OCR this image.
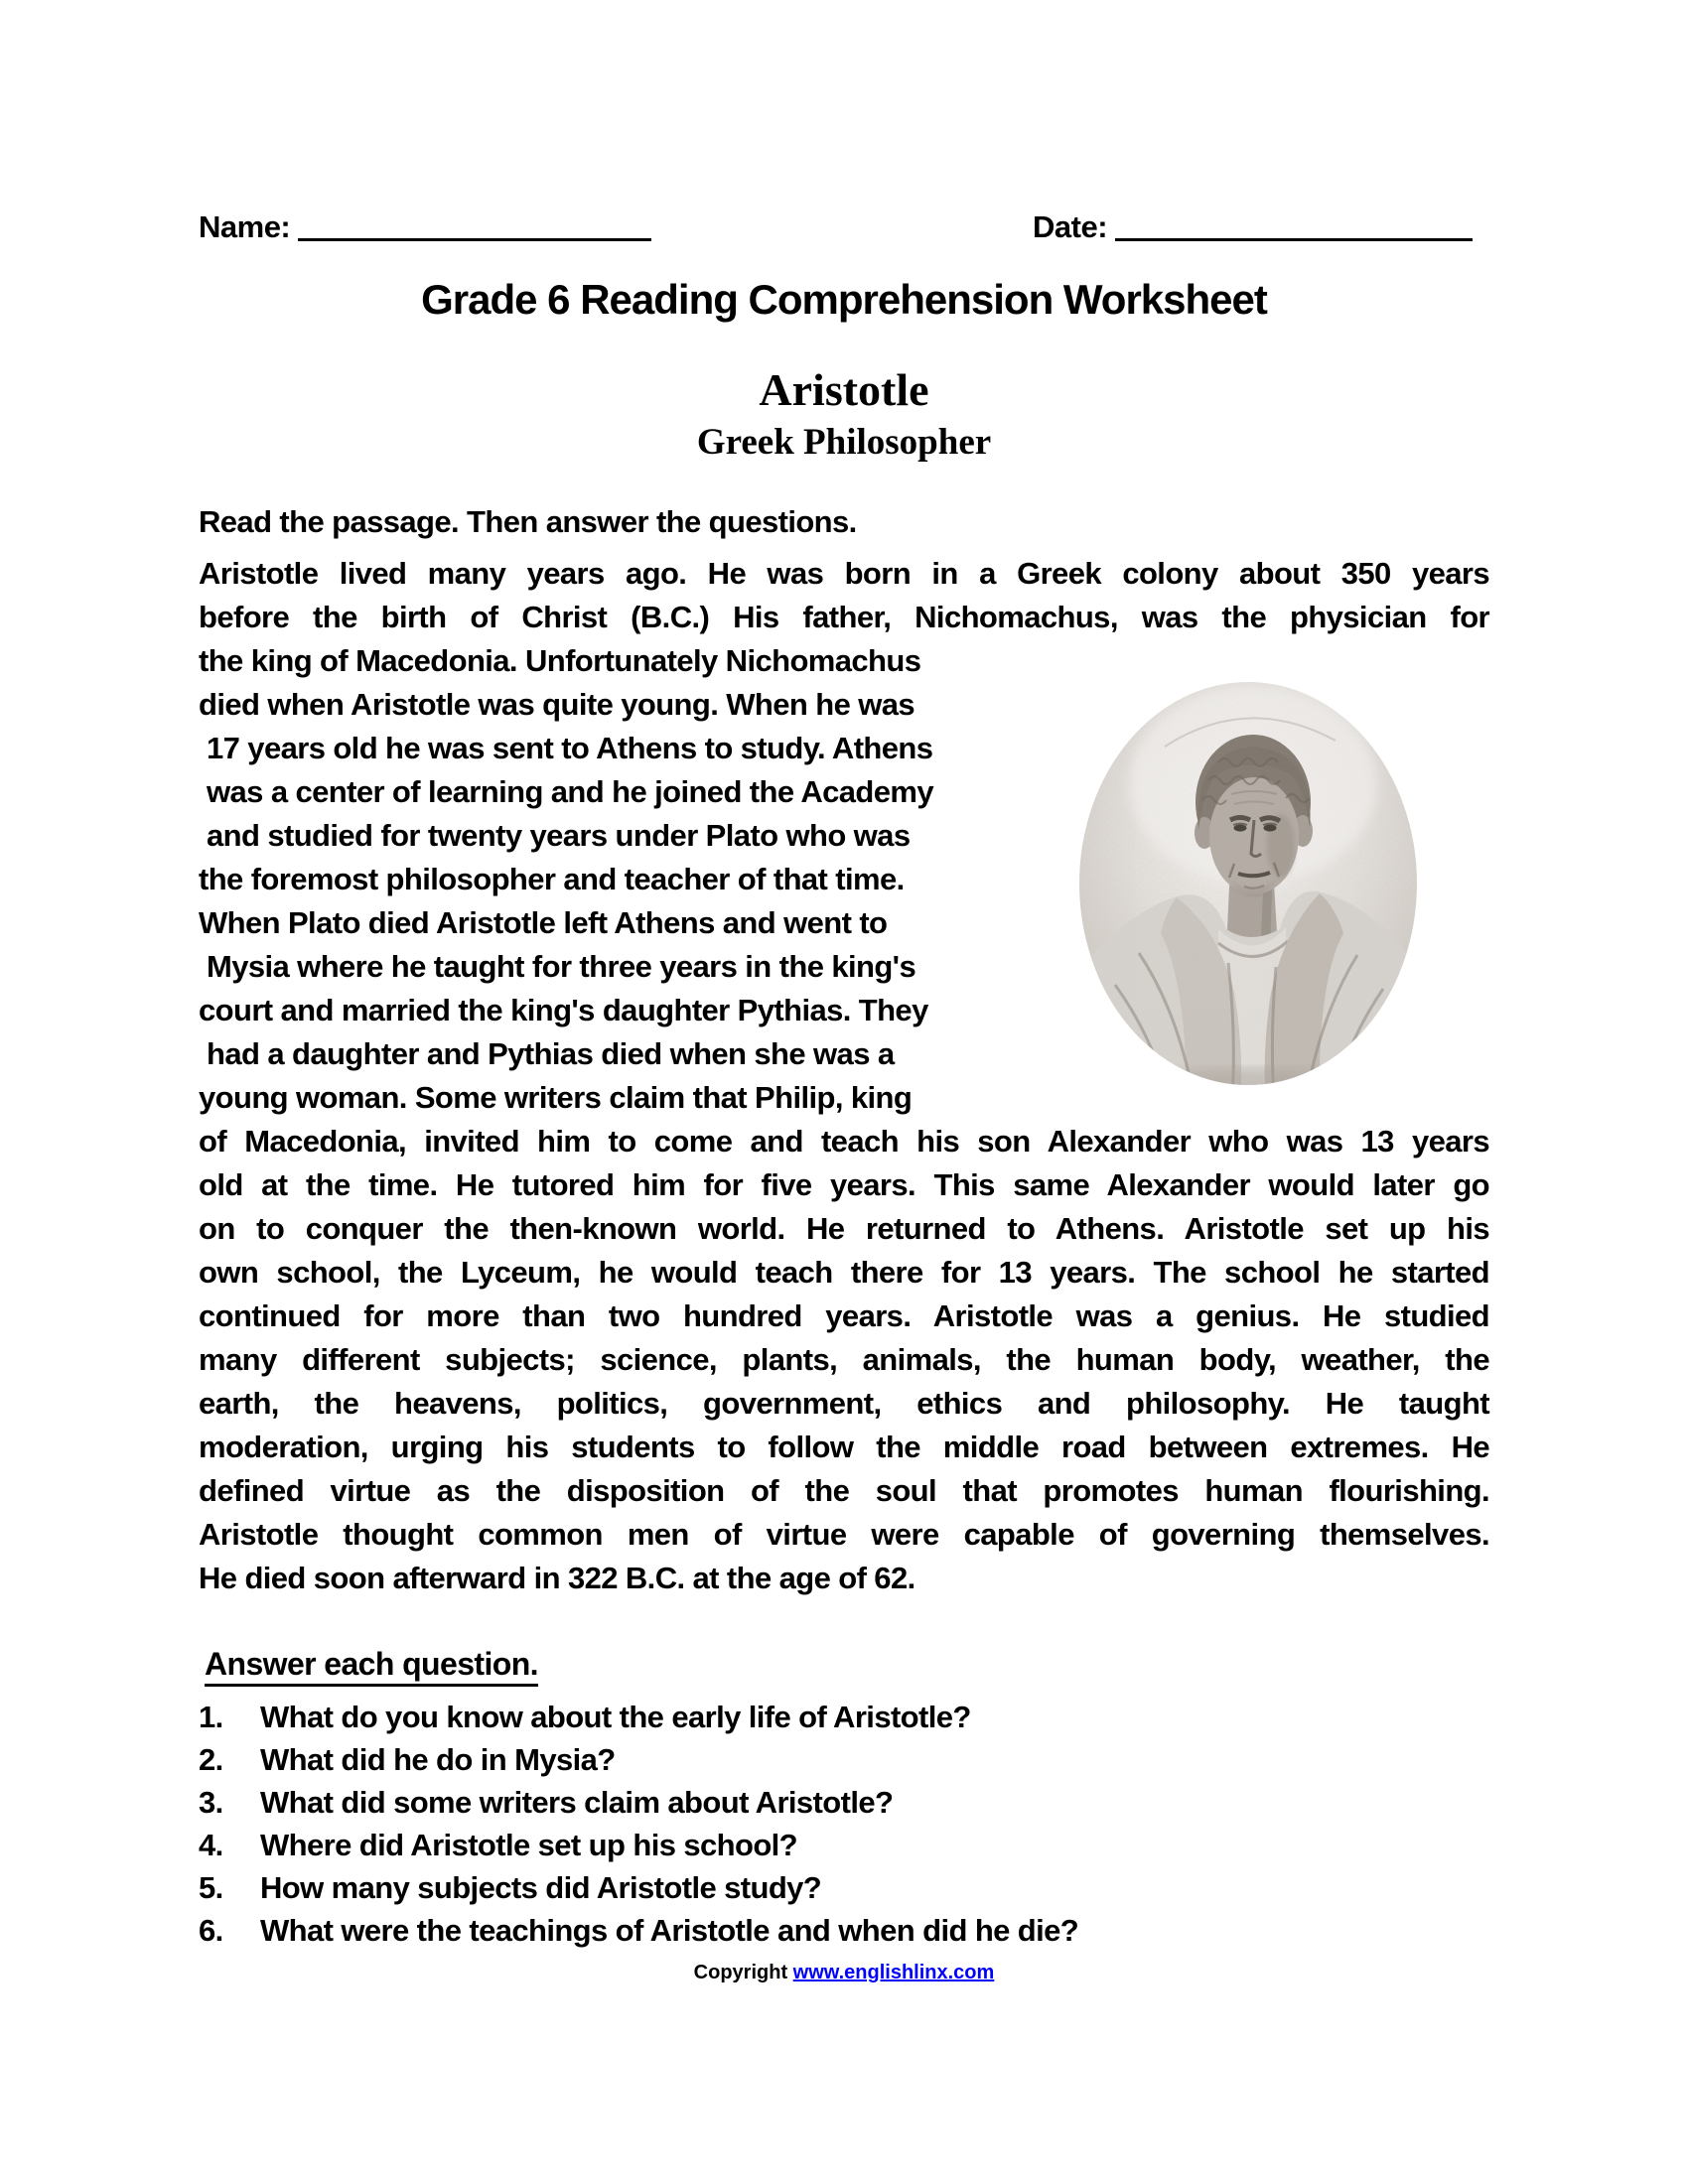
Name:	Date:
Grade 6 Reading Comprehension Worksheet
Aristotle
Greek Philosopher
Read the passage. Then answer the questions.
Aristotle lived many years ago. He was born in a Greek colony about 350 years
before the birth of Christ (B.C.) His father, Nichomachus, was the physician for
the king of Macedonia. Unfortunately Nichomachus
died when Aristotle was quite young. When he was
17 years old he was sent to Athens to study. Athens
was a center of learning and he joined the Academy
and studied for twenty years under Plato who was
the foremost philosopher and teacher of that time.
When Plato died Aristotle left Athens and went to
Mysia where he taught for three years in the king's
court and married the king's daughter Pythias. They
had a daughter and Pythias died when she was a
young woman. Some writers claim that Philip, king
of Macedonia, invited him to come and teach his son Alexander who was 13 years
old at the time. He tutored him for five years. This same Alexander would later go
on to conquer the then-known world. He returned to Athens. Aristotle set up his
own school, the Lyceum, he would teach there for 13 years. The school he started
continued for more than two hundred years. Aristotle was a genius. He studied
many different subjects; science, plants, animals, the human body, weather, the
earth, the heavens, politics, government, ethics and philosophy. He taught
moderation, urging his students to follow the middle road between extremes. He
defined virtue as the disposition of the soul that promotes human flourishing.
Aristotle thought common men of virtue were capable of governing themselves.
He died soon afterward in 322 B.C. at the age of 62.
Answer each question.
1. What do you know about the early life of Aristotle?
2. What did he do in Mysia?
3. What did some writers claim about Aristotle?
4. Where did Aristotle set up his school?
5. How many subjects did Aristotle study?
6. What were the teachings of Aristotle and when did he die?
Copyright www.englishlinx.com
